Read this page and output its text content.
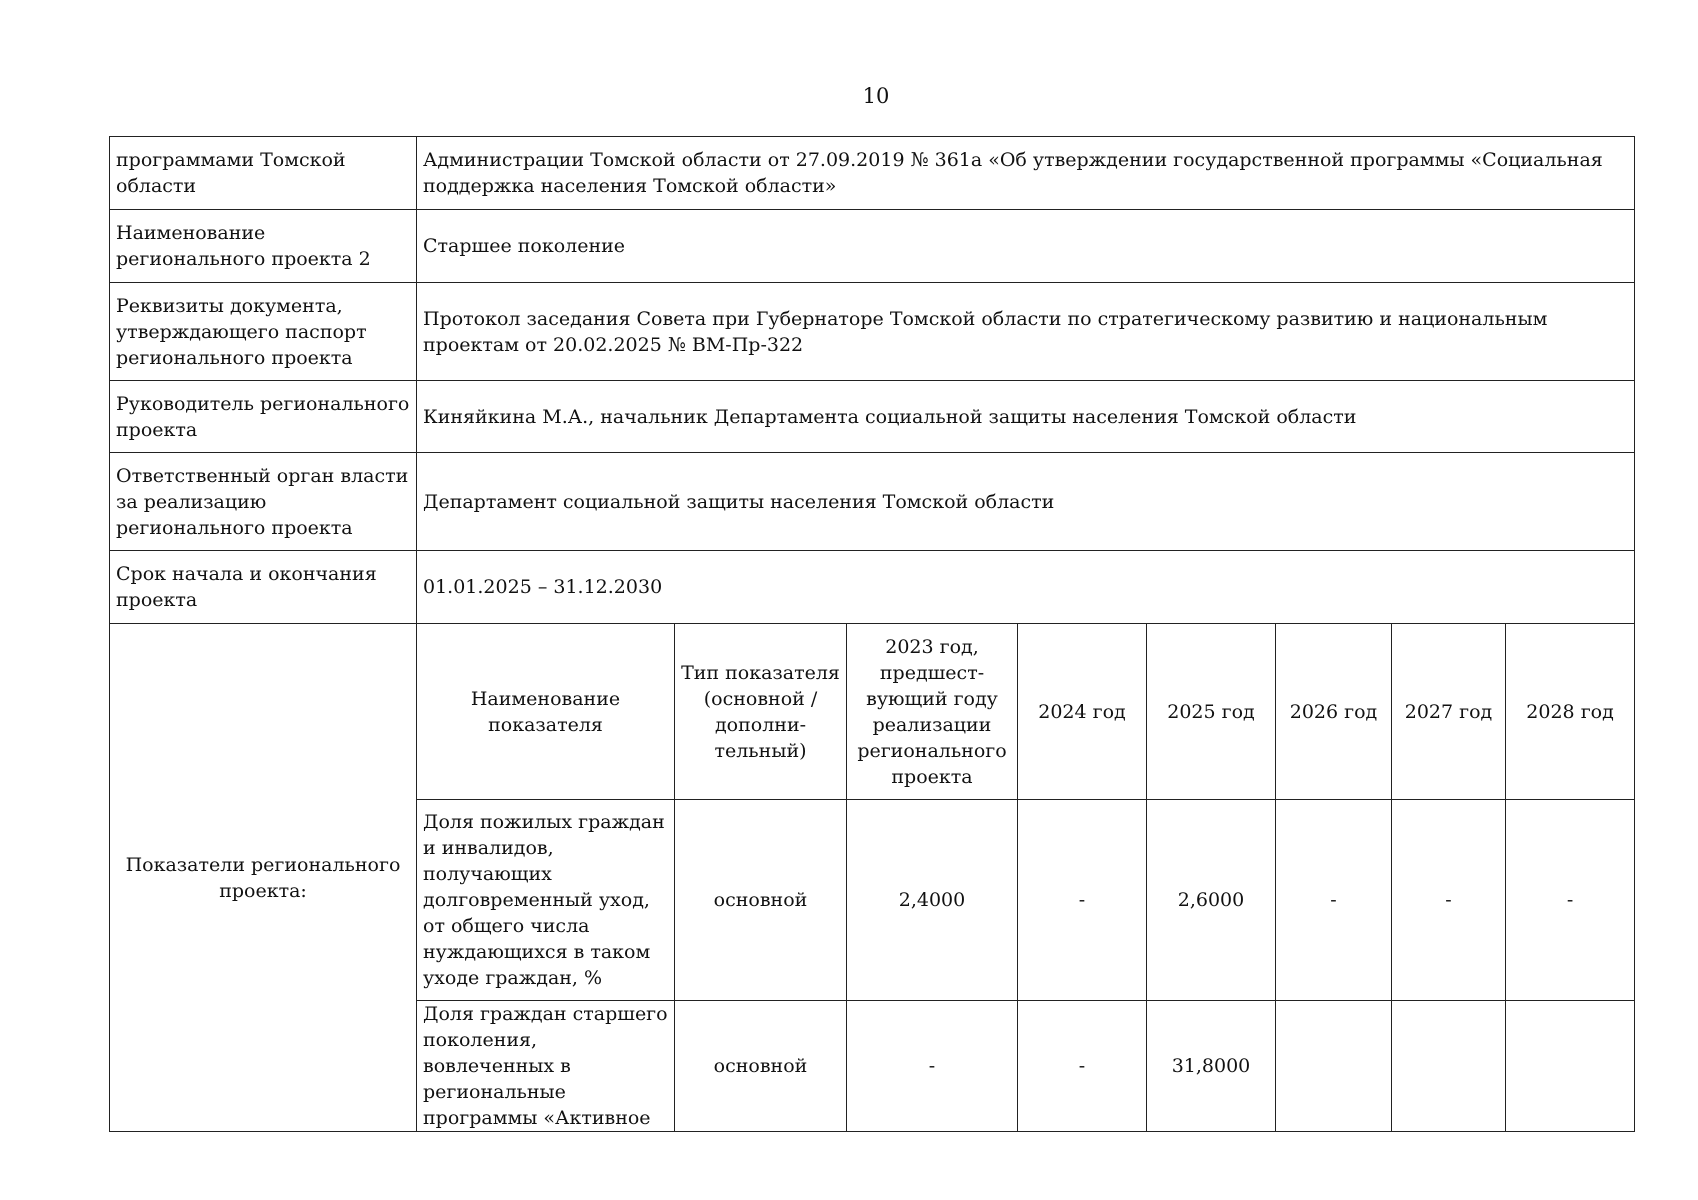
10
программами Томской области	Администрации Томской области от 27.09.2019 № 361а «Об утверждении государственной программы «Социальная поддержка населения Томской области»							
Наименование регионального проекта 2	Старшее поколение							
Реквизиты документа, утверждающего паспорт регионального проекта	Протокол заседания Совета при Губернаторе Томской области по стратегическому развитию и национальным проектам от 20.02.2025 № ВМ-Пр-322							
Руководитель регионального проекта	Киняйкина М.А., начальник Департамента социальной защиты населения Томской области							
Ответственный орган власти за реализацию регионального проекта	Департамент социальной защиты населения Томской области							
Срок начала и окончания проекта	01.01.2025 – 31.12.2030							
Показатели регионального проекта:	Наименование показателя	Тип показателя (основной / дополни-тельный)	2023 год, предшест-вующий году реализации регионального проекта	2024 год	2025 год	2026 год	2027 год	2028 год
	Доля пожилых граждан и инвалидов, получающих долговременный уход, от общего числа нуждающихся в таком уходе граждан, %	основной	2,4000	-	2,6000	-	-	-
	Доля граждан старшего поколения, вовлеченных в региональные программы «Активное	основной	-	-	31,8000			
